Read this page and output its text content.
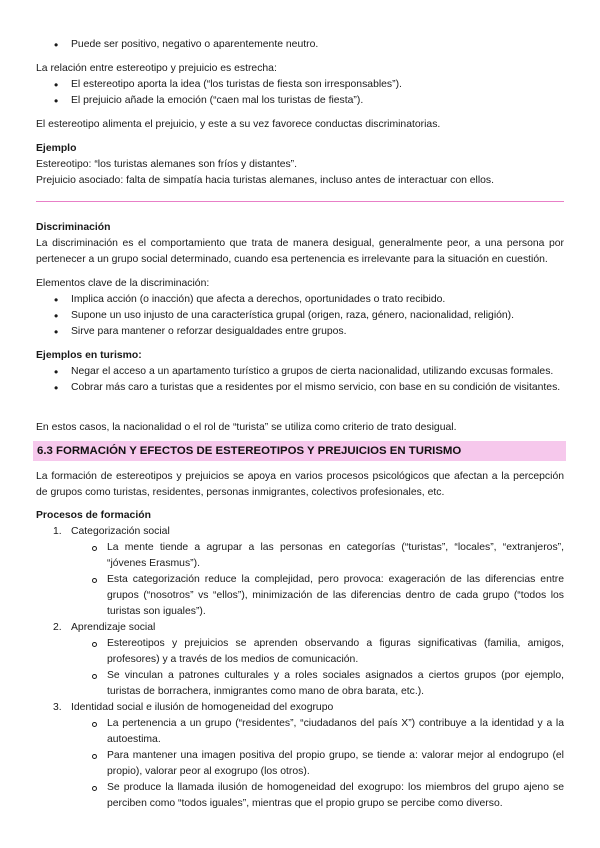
• Puede ser positivo, negativo o aparentemente neutro.

La relación entre estereotipo y prejuicio es estrecha:

• El estereotipo aporta la idea (“los turistas de fiesta son irresponsables”).
• El prejuicio añade la emoción (“caen mal los turistas de fiesta”).

El estereotipo alimenta el prejuicio, y este a su vez favorece conductas discriminatorias.

Ejemplo

Estereotipo: “los turistas alemanes son fríos y distantes”.

Prejuicio asociado: falta de simpatía hacia turistas alemanes, incluso antes de interactuar con ellos.

Discriminación

La discriminación es el comportamiento que trata de manera desigual, generalmente peor, a una persona por pertenecer a un grupo social determinado, cuando esa pertenencia es irrelevante para la situación en cuestión.

Elementos clave de la discriminación:

• Implica acción (o inacción) que afecta a derechos, oportunidades o trato recibido.
• Supone un uso injusto de una característica grupal (origen, raza, género, nacionalidad, religión).
• Sirve para mantener o reforzar desigualdades entre grupos.

Ejemplos en turismo:

• Negar el acceso a un apartamento turístico a grupos de cierta nacionalidad, utilizando excusas formales.
• Cobrar más caro a turistas que a residentes por el mismo servicio, con base en su condición de visitantes.

En estos casos, la nacionalidad o el rol de “turista” se utiliza como criterio de trato desigual.

6.3 FORMACIÓN Y EFECTOS DE ESTEREOTIPOS Y PREJUICIOS EN TURISMO

La formación de estereotipos y prejuicios se apoya en varios procesos psicológicos que afectan a la percepción de grupos como turistas, residentes, personas inmigrantes, colectivos profesionales, etc.

Procesos de formación

1. Categorización social
La mente tiende a agrupar a las personas en categorías (“turistas”, “locales”, “extranjeros”, “jóvenes Erasmus”).
Esta categorización reduce la complejidad, pero provoca: exageración de las diferencias entre grupos (“nosotros” vs “ellos”), minimización de las diferencias dentro de cada grupo (“todos los turistas son iguales”).
2. Aprendizaje social
Estereotipos y prejuicios se aprenden observando a figuras significativas (familia, amigos, profesores) y a través de los medios de comunicación.
Se vinculan a patrones culturales y a roles sociales asignados a ciertos grupos (por ejemplo, turistas de borrachera, inmigrantes como mano de obra barata, etc.).
3. Identidad social e ilusión de homogeneidad del exogrupo
La pertenencia a un grupo (“residentes”, “ciudadanos del país X”) contribuye a la identidad y a la autoestima.
Para mantener una imagen positiva del propio grupo, se tiende a: valorar mejor al endogrupo (el propio), valorar peor al exogrupo (los otros).
Se produce la llamada ilusión de homogeneidad del exogrupo: los miembros del grupo ajeno se perciben como “todos iguales”, mientras que el propio grupo se percibe como diverso.
